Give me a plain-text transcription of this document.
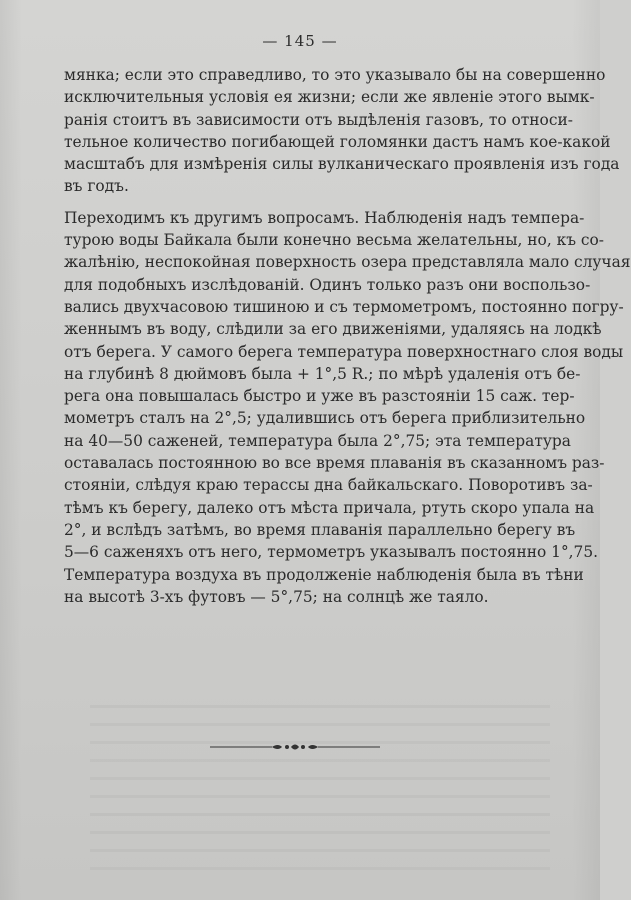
— 145 —
мянка; если это справедливо, то это указывало бы на совершенно
исключительныя условія ея жизни; если же явленіе этого вымк-
ранія стоитъ въ зависимости отъ выдѣленія газовъ, то относи-
тельное количество погибающей голомянки дастъ намъ кое-какой
масштабъ для измѣренія силы вулканическаго проявленія изъ года
въ годъ.
Переходимъ къ другимъ вопросамъ. Наблюденія надъ темпера-
турою воды Байкала были конечно весьма желательны, но, къ со-
жалѣнію, неспокойная поверхность озера представляла мало случая
для подобныхъ изслѣдованій. Одинъ только разъ они воспользо-
вались двухчасовою тишиною и съ термометромъ, постоянно погру-
женнымъ въ воду, слѣдили за его движеніями, удаляясь на лодкѣ
отъ берега. У самого берега температура поверхностнаго слоя воды
на глубинѣ 8 дюймовъ была + 1°,5 R.; по мѣрѣ удаленія отъ бе-
рега она повышалась быстро и уже въ разстояніи 15 саж. тер-
мометръ сталъ на 2°,5; удалившись отъ берега приблизительно
на 40—50 саженей, температура была 2°,75; эта температура
оставалась постоянною во все время плаванія въ сказанномъ раз-
стояніи, слѣдуя краю терассы дна байкальскаго. Поворотивъ за-
тѣмъ къ берегу, далеко отъ мѣста причала, ртуть скоро упала на
2°, и вслѣдъ затѣмъ, во время плаванія параллельно берегу въ
5—6 саженяхъ отъ него, термометръ указывалъ постоянно 1°,75.
Температура воздуха въ продолженіе наблюденія была въ тѣни
на высотѣ 3-хъ футовъ — 5°,75; на солнцѣ же таяло.
